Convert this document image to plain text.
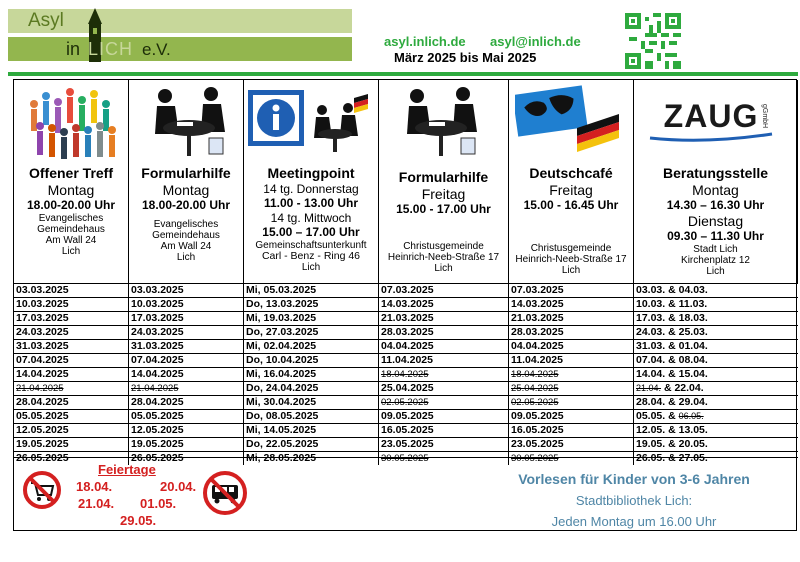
Asyl
in LICH e.V.	asyl.inlich.de asyl@inlich.de
März 2025 bis Mai 2025
Offener Treff
Montag
18.00-20.00 Uhr
Evangelisches
Gemeindehaus
Am Wall 24
Lich
Formularhilfe
Montag
18.00-20.00 Uhr
Evangelisches
Gemeindehaus
Am Wall 24
Lich
Meetingpoint
14 tg. Donnerstag
11.00 - 13.00 Uhr
14 tg. Mittwoch
15.00 – 17.00 Uhr
Gemeinschaftsunterkunft
Carl - Benz - Ring 46
Lich
Formularhilfe
Freitag
15.00 - 17.00 Uhr
Christusgemeinde
Heinrich-Neeb-Straße 17
Lich
Deutschcafé
Freitag
15.00 - 16.45 Uhr
Christusgemeinde
Heinrich-Neeb-Straße 17
Lich
ZAUG gGmbH
Beratungsstelle
Montag
14.30 – 16.30 Uhr
Dienstag
09.30 – 11.30 Uhr
Stadt Lich
Kirchenplatz 12
Lich
03.03.2025	03.03.2025	Mi, 05.03.2025	07.03.2025	07.03.2025	03.03. & 04.03.
10.03.2025	10.03.2025	Do, 13.03.2025	14.03.2025	14.03.2025	10.03. & 11.03.
17.03.2025	17.03.2025	Mi, 19.03.2025	21.03.2025	21.03.2025	17.03. & 18.03.
24.03.2025	24.03.2025	Do, 27.03.2025	28.03.2025	28.03.2025	24.03. & 25.03.
31.03.2025	31.03.2025	Mi, 02.04.2025	04.04.2025	04.04.2025	31.03. & 01.04.
07.04.2025	07.04.2025	Do, 10.04.2025	11.04.2025	11.04.2025	07.04. & 08.04.
14.04.2025	14.04.2025	Mi, 16.04.2025	18.04.2025	18.04.2025	14.04. & 15.04.
21.04.2025	21.04.2025	Do, 24.04.2025	25.04.2025	25.04.2025	21.04. & 22.04.
28.04.2025	28.04.2025	Mi, 30.04.2025	02.05.2025	02.05.2025	28.04. & 29.04.
05.05.2025	05.05.2025	Do, 08.05.2025	09.05.2025	09.05.2025	05.05. & 06.05.
12.05.2025	12.05.2025	Mi, 14.05.2025	16.05.2025	16.05.2025	12.05. & 13.05.
19.05.2025	19.05.2025	Do, 22.05.2025	23.05.2025	23.05.2025	19.05. & 20.05.
26.05.2025	26.05.2025	Mi, 28.05.2025	30.05.2025	30.05.2025	26.05. & 27.05.
Feiertage
18.04.	20.04.
21.04. 01.05.
29.05.
Vorlesen für Kinder von 3-6 Jahren
Stadtbibliothek Lich:
Jeden Montag um 16.00 Uhr
